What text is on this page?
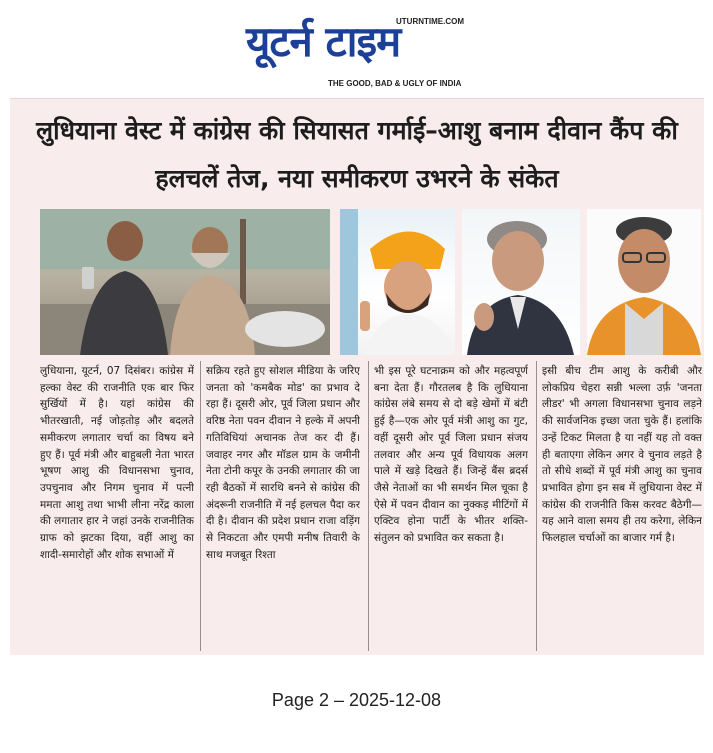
यूटर्न टाइम
UTURNTIME.COM
THE GOOD, BAD & UGLY OF INDIA
लुधियाना वेस्ट में कांग्रेस की सियासत गर्माई–आशु बनाम दीवान कैंप की हलचलें तेज, नया समीकरण उभरने के संकेत

लुधियाना, यूटर्न, 07 दिसंबर। कांग्रेस में हल्का वेस्ट की राजनीति एक बार फिर सुर्खियों में है। यहां कांग्रेस की भीतरखाती, नई जोड़तोड़ और बदलते समीकरण लगातार चर्चा का विषय बने हुए हैं। पूर्व मंत्री और बाहुबली नेता भारत भूषण आशु की विधानसभा चुनाव, उपचुनाव और निगम चुनाव में पत्नी ममता आशु तथा भाभी लीना नरेंद्र काला की लगातार हार ने जहां उनके राजनीतिक ग्राफ को झटका दिया, वहीं आशु का शादी-समारोहों और शोक सभाओं में

सक्रिय रहते हुए सोशल मीडिया के जरिए जनता को 'कमबैक मोड' का प्रभाव दे रहा हैं। दूसरी ओर, पूर्व जिला प्रधान और वरिष्ठ नेता पवन दीवान ने हल्के में अपनी गतिविधियां अचानक तेज कर दी हैं। जवाहर नगर और मॉडल ग्राम के जमीनी नेता टोनी कपूर के उनकी लगातार की जा रही बैठकों में सारथि बनने से कांग्रेस की अंदरूनी राजनीति में नई हलचल पैदा कर दी है। दीवान की प्रदेश प्रधान राजा वड़िंग से निकटता और एमपी मनीष तिवारी के साथ मजबूत रिश्ता

भी इस पूरे घटनाक्रम को और महत्वपूर्ण बना देता हैं। गौरतलब है कि लुधियाना कांग्रेस लंबे समय से दो बड़े खेमों में बंटी हुई है—एक ओर पूर्व मंत्री आशु का गुट, वहीं दूसरी ओर पूर्व जिला प्रधान संजय तलवार और अन्य पूर्व विधायक अलग पाले में खड़े दिखते हैं। जिन्हें बैंस ब्रदर्स जैसे नेताओं का भी समर्थन मिल चूका है ऐसे में पवन दीवान का नुक्कड़ मीटिंगों में एक्टिव होना पार्टी के भीतर शक्ति-संतुलन को प्रभावित कर सकता है।

इसी बीच टीम आशु के करीबी और लोकप्रिय चेहरा सन्नी भल्ला उर्फ़ 'जनता लीडर' भी अगला विधानसभा चुनाव लड़ने की सार्वजनिक इच्छा जता चुके हैं। हलांकि उन्हें टिकट मिलता है या नहीं यह तो वक्त ही बताएगा लेकिन अगर वे चुनाव लड़ते है तो सीधे शब्दों में पूर्व मंत्री आशु का चुनाव प्रभावित होगा इन सब में लुधियाना वेस्ट में कांग्रेस की राजनीति किस करवट बैठेगी—यह आने वाला समय ही तय करेगा, लेकिन फिलहाल चर्चाओं का बाजार गर्म है।

Page 2 – 2025-12-08
